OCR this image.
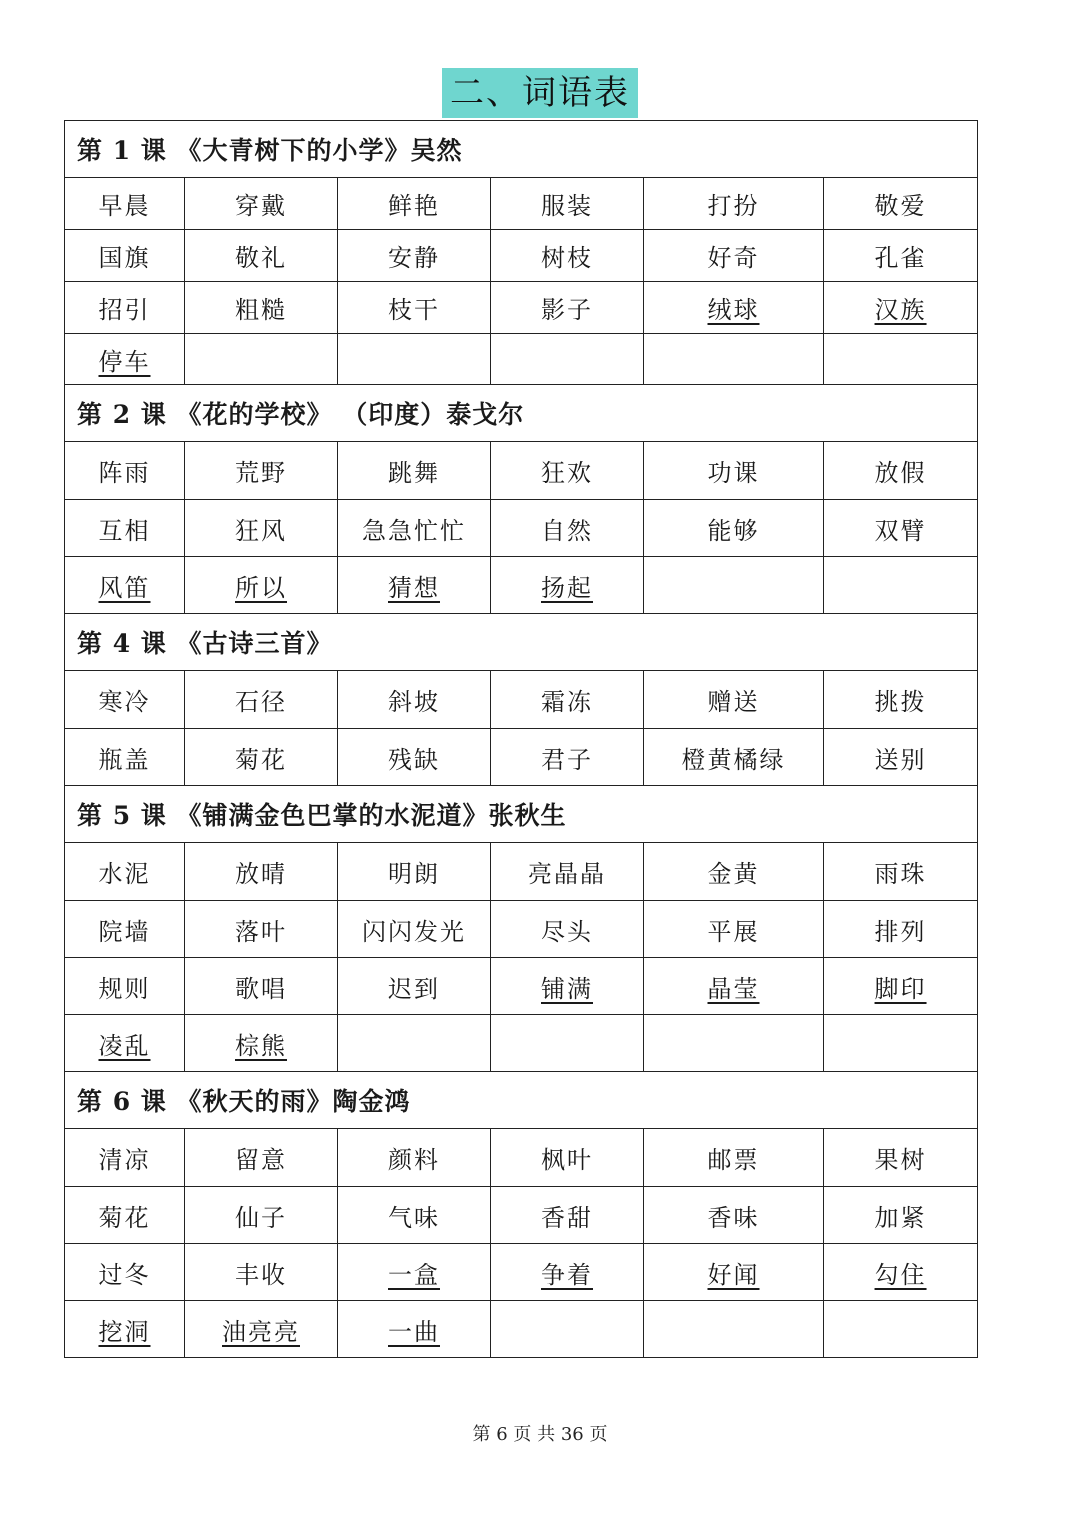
二、词语表
第 1 课 《大青树下的小学》吴然					
早晨	穿戴	鲜艳	服装	打扮	敬爱
国旗	敬礼	安静	树枝	好奇	孔雀
招引	粗糙	枝干	影子	绒球	汉族
停车					
第 2 课 《花的学校》 （印度）泰戈尔					
阵雨	荒野	跳舞	狂欢	功课	放假
互相	狂风	急急忙忙	自然	能够	双臂
风笛	所以	猜想	扬起		
第 4 课 《古诗三首》					
寒冷	石径	斜坡	霜冻	赠送	挑拨
瓶盖	菊花	残缺	君子	橙黄橘绿	送别
第 5 课 《铺满金色巴掌的水泥道》张秋生					
水泥	放晴	明朗	亮晶晶	金黄	雨珠
院墙	落叶	闪闪发光	尽头	平展	排列
规则	歌唱	迟到	铺满	晶莹	脚印
凌乱	棕熊				
第 6 课 《秋天的雨》陶金鸿					
清凉	留意	颜料	枫叶	邮票	果树
菊花	仙子	气味	香甜	香味	加紧
过冬	丰收	一盒	争着	好闻	勾住
挖洞	油亮亮	一曲			
第 6 页 共 36 页
